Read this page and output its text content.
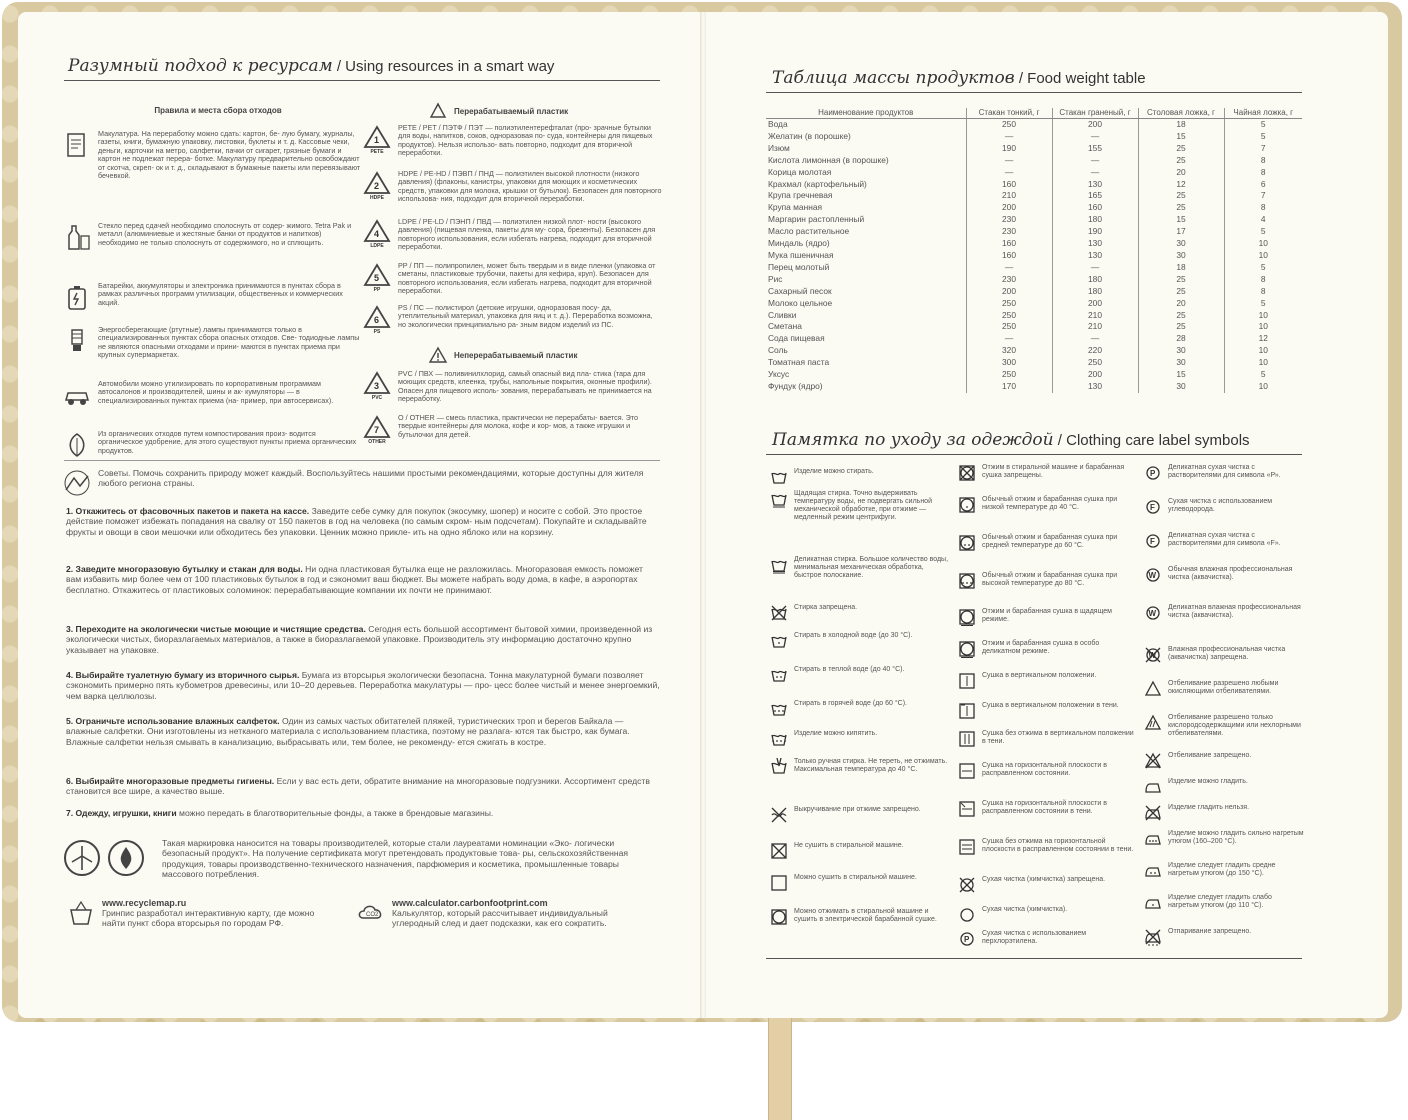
Разумный подход к ресурсам / Using resources in a smart way
Правила и места сбора отходов	Перерабатываемый пластик

Макулатура. На переработку можно сдать: картон, бе- лую бумагу, журналы, газеты, книги, бумажную упаковку, листовки, буклеты и т. д. Кассовые чеки, деньги, карточки на метро, салфетки, пачки от сигарет, грязные бумаги и картон не подлежат перера- ботке. Макулатуру предварительно освобождают от скотча, скреп- ок и т. д., складывают в бумажные пакеты или перевязывают бечевкой.

Стекло перед сдачей необходимо сполоснуть от содер- жимого. Tetra Pak и металл (алюминиевые и жестяные банки от продуктов и напитков) необходимо не только сполоснуть от содержимого, но и сплющить.

Батарейки, аккумуляторы и электроника принимаются в пунктах сбора в рамках различных программ утилизации, общественных и коммерческих акций.

Энергосберегающие (ртутные) лампы принимаются только в специализированных пунктах сбора опасных отходов. Све- тодиодные лампы не являются опасными отходами и прини- маются в пунктах приема при крупных супермаркетах.

Автомобили можно утилизировать по корпоративным программам автосалонов и производителей, шины и ак- кумуляторы — в специализированных пунктах приема (на- пример, при автосервисах).

Из органических отходов путем компостирования произ- водится органическое удобрение, для этого существуют пункты приема органических продуктов.

1
PETE

PETE / PET / ПЭТФ / ПЭТ — полиэтилентерефталат (про- зрачные бутылки для воды, напитков, соков, одноразовая по- суда, контейнеры для пищевых продуктов). Нельзя использо- вать повторно, подходит для вторичной переработки.

2
HDPE

HDPE / PE-HD / ПЭВП / ПНД — полиэтилен высокой плотности (низкого давления) (флаконы, канистры, упаковки для моющих и косметических средств, упаковки для молока, крышки от бутылок). Безопасен для повторного использова- ния, подходит для вторичной переработки.

4
LDPE

LDPE / PE-LD / ПЭНП / ПВД — полиэтилен низкой плот- ности (высокого давления) (пищевая пленка, пакеты для му- сора, брезенты). Безопасен для повторного использования, если избегать нагрева, подходит для вторичной переработки.

5
PP

PP / ПП — полипропилен, может быть твердым и в виде пленки (упаковка от сметаны, пластиковые трубочки, пакеты для кефира, круп). Безопасен для повторного использования, если избегать нагрева, подходит для вторичной переработки.

6
PS

PS / ПС — полистирол (детские игрушки, одноразовая посу- да, утеплительный материал, упаковка для яиц и т. д.). Переработка возможна, но экологически принципиально ра- зным видом изделий из ПС.

3
PVC

PVC / ПВХ — поливинилхлорид, самый опасный вид пла- стика (тара для моющих средств, клеенка, трубы, напольные покрытия, оконные профили). Опасен для пищевого исполь- зования, перерабатывать не принимается на переработку.

7
OTHER

O / OTHER — смесь пластика, практически не перерабаты- вается. Это твердые контейнеры для молока, кофе и кор- мов, а также игрушки и бутылочки для детей.

Неперерабатываемый пластик

Советы. Помочь сохранить природу может каждый. Воспользуйтесь нашими простыми рекомендациями, которые доступны для жителя любого региона страны.

1. Откажитесь от фасовочных пакетов и пакета на кассе. Заведите себе сумку для покупок (экосумку, шопер) и носите с собой. Это простое действие поможет избежать попадания на свалку от 150 пакетов в год на человека (по самым скром- ным подсчетам). Покупайте и складывайте фрукты и овощи в свои мешочки или обходитесь без упаковки. Ценник можно прикле- ить на одно яблоко или на корзину.

2. Заведите многоразовую бутылку и стакан для воды. Ни одна пластиковая бутылка еще не разложилась. Многоразовая емкость поможет вам избавить мир более чем от 100 пластиковых бутылок в год и сэкономит ваш бюджет. Вы можете набрать воду дома, в кафе, в аэропортах бесплатно. Откажитесь от пластиковых соломинок: перерабатывающие компании их почти не принимают.

3. Переходите на экологически чистые моющие и чистящие средства. Сегодня есть большой ассортимент бытовой химии, произведенной из экологически чистых, биоразлагаемых материалов, а также в биоразлагаемой упаковке. Производитель эту информацию достаточно крупно указывает на упаковке.

4. Выбирайте туалетную бумагу из вторичного сырья. Бумага из вторсырья экологически безопасна. Тонна макулатурной бумаги позволяет сэкономить примерно пять кубометров древесины, или 10–20 деревьев. Переработка макулатуры — про- цесс более чистый и менее энергоемкий, чем варка целлюлозы.

5. Ограничьте использование влажных салфеток. Один из самых частых обитателей пляжей, туристических троп и берегов Байкала — влажные салфетки. Они изготовлены из нетканого материала с использованием пластика, поэтому не разлага- ются так быстро, как бумага. Влажные салфетки нельзя смывать в канализацию, выбрасывать или, тем более, не рекоменду- ется сжигать в костре.

6. Выбирайте многоразовые предметы гигиены. Если у вас есть дети, обратите внимание на многоразовые подгузники. Ассортимент средств становится все шире, а качество выше.

7. Одежду, игрушки, книги можно передать в благотворительные фонды, а также в брендовые магазины.

Такая маркировка наносится на товары производителей, которые стали лауреатами номинации «Эко- логически безопасный продукт». На получение сертификата могут претендовать продуктовые това- ры, сельскохозяйственная продукция, товары производственно-технического назначения, парфюмерия и косметика, промышленные товары массового потребления.

www.recyclemap.ru
Гринпис разработал интерактивную карту, где можно найти пункт сбора вторсырья по городам РФ.
CO2
www.calculator.carbonfootprint.com
Калькулятор, который рассчитывает индивидуальный углеродный след и дает подсказки, как его сократить.
Таблица массы продуктов / Food weight table
Наименование продуктов	Стакан тонкий, г	Стакан граненый, г	Столовая ложка, г	Чайная ложка, г
Вода	250	200	18	5
Желатин (в порошке)	—	—	15	5
Изюм	190	155	25	7
Кислота лимонная (в порошке)	—	—	25	8
Корица молотая	—	—	20	8
Крахмал (картофельный)	160	130	12	6
Крупа гречневая	210	165	25	7
Крупа манная	200	160	25	8
Маргарин растопленный	230	180	15	4
Масло растительное	230	190	17	5
Миндаль (ядро)	160	130	30	10
Мука пшеничная	160	130	30	10
Перец молотый	—	—	18	5
Рис	230	180	25	8
Сахарный песок	200	180	25	8
Молоко цельное	250	200	20	5
Сливки	250	210	25	10
Сметана	250	210	25	10
Сода пищевая	—	—	28	12
Соль	320	220	30	10
Томатная паста	300	250	30	10
Уксус	250	200	15	5
Фундук (ядро)	170	130	30	10
Памятка по уходу за одеждой / Clothing care label symbols
Изделие можно стирать.
Щадящая стирка. Точно выдерживать температуру воды, не подвергать сильной механической обработке, при отжиме — медленный режим центрифуги.
Деликатная стирка. Большое количество воды, минимальная механическая обработка, быстрое полоскание.
Стирка запрещена.
Стирать в холодной воде (до 30 °С).
Стирать в теплой воде (до 40 °С).
Стирать в горячей воде (до 60 °С).
Изделие можно кипятить.
Только ручная стирка. Не тереть, не отжимать. Максимальная температура до 40 °С.
Выкручивание при отжиме запрещено.
Не сушить в стиральной машине.
Можно сушить в стиральной машине.
Можно отжимать в стиральной машине и сушить в электрической барабанной сушке.
Отжим в стиральной машине и барабанная сушка запрещены.
Обычный отжим и барабанная сушка при низкой температуре до 40 °С.
Обычный отжим и барабанная сушка при средней температуре до 60 °С.
Обычный отжим и барабанная сушка при высокой температуре до 80 °С.
Отжим и барабанная сушка в щадящем режиме.
Отжим и барабанная сушка в особо деликатном режиме.
Сушка в вертикальном положении.
Сушка в вертикальном положении в тени.
Сушка без отжима в вертикальном положении в тени.
Сушка на горизонтальной плоскости в расправленном состоянии.
Сушка на горизонтальной плоскости в расправленном состоянии в тени.
Сушка без отжима на горизонтальной плоскости в расправленном состоянии в тени.
Сухая чистка (химчистка) запрещена.
Сухая чистка (химчистка).
P
Сухая чистка с использованием перхлорэтилена.
P
Деликатная сухая чистка с растворителями для символа «Р».
F
Сухая чистка с использованием углеводорода.
F
Деликатная сухая чистка с растворителями для символа «F».
W
Обычная влажная профессиональная чистка (аквачистка).
W
Деликатная влажная профессиональная чистка (аквачистка).
W
Влажная профессиональная чистка (аквачистка) запрещена.
Отбеливание разрешено любыми окисляющими отбеливателями.
Отбеливание разрешено только кислородсодержащими или нехлорными отбеливателями.
Отбеливание запрещено.
Изделие можно гладить.
Изделие гладить нельзя.
Изделие можно гладить сильно нагретым утюгом (160–200 °С).
Изделие следует гладить средне нагретым утюгом (до 150 °С).
Изделие следует гладить слабо нагретым утюгом (до 110 °С).
Отпаривание запрещено.
